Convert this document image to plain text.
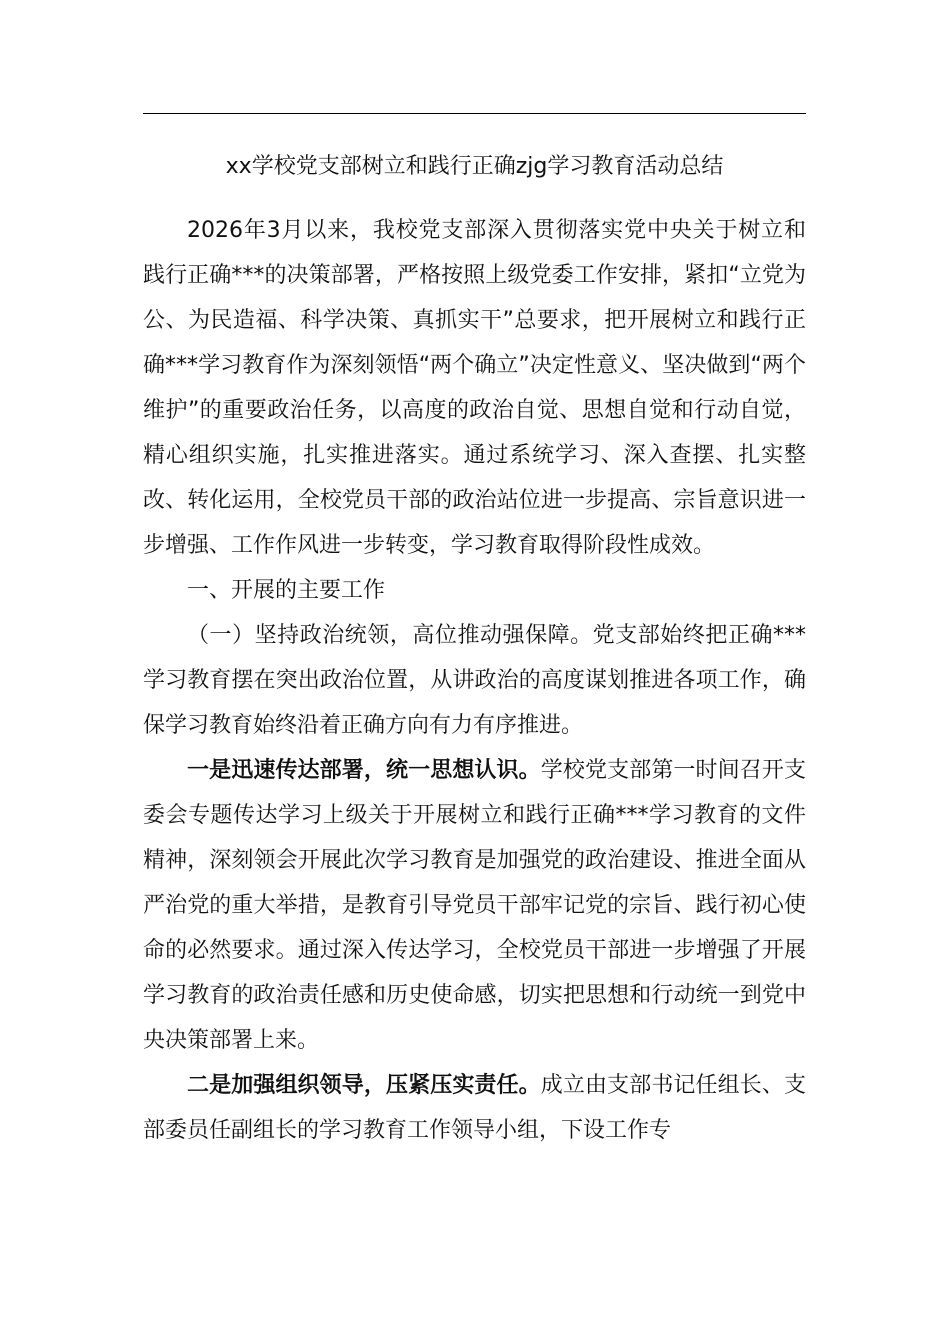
xx学校党支部树立和践行正确zjg学习教育活动总结

2026年3月以来，我校党支部深入贯彻落实党中央关于树立和践行正确***的决策部署，严格按照上级党委工作安排，紧扣“立党为公、为民造福、科学决策、真抓实干”总要求，把开展树立和践行正确***学习教育作为深刻领悟“两个确立”决定性意义、坚决做到“两个维护”的重要政治任务，以高度的政治自觉、思想自觉和行动自觉，精心组织实施，扎实推进落实。通过系统学习、深入查摆、扎实整改、转化运用，全校党员干部的政治站位进一步提高、宗旨意识进一步增强、工作作风进一步转变，学习教育取得阶段性成效。

一、开展的主要工作

（一）坚持政治统领，高位推动强保障。党支部始终把正确***学习教育摆在突出政治位置，从讲政治的高度谋划推进各项工作，确保学习教育始终沿着正确方向有力有序推进。

一是迅速传达部署，统一思想认识。学校党支部第一时间召开支委会专题传达学习上级关于开展树立和践行正确***学习教育的文件精神，深刻领会开展此次学习教育是加强党的政治建设、推进全面从严治党的重大举措，是教育引导党员干部牢记党的宗旨、践行初心使命的必然要求。通过深入传达学习，全校党员干部进一步增强了开展学习教育的政治责任感和历史使命感，切实把思想和行动统一到党中央决策部署上来。

二是加强组织领导，压紧压实责任。成立由支部书记任组长、支部委员任副组长的学习教育工作领导小组，下设工作专
